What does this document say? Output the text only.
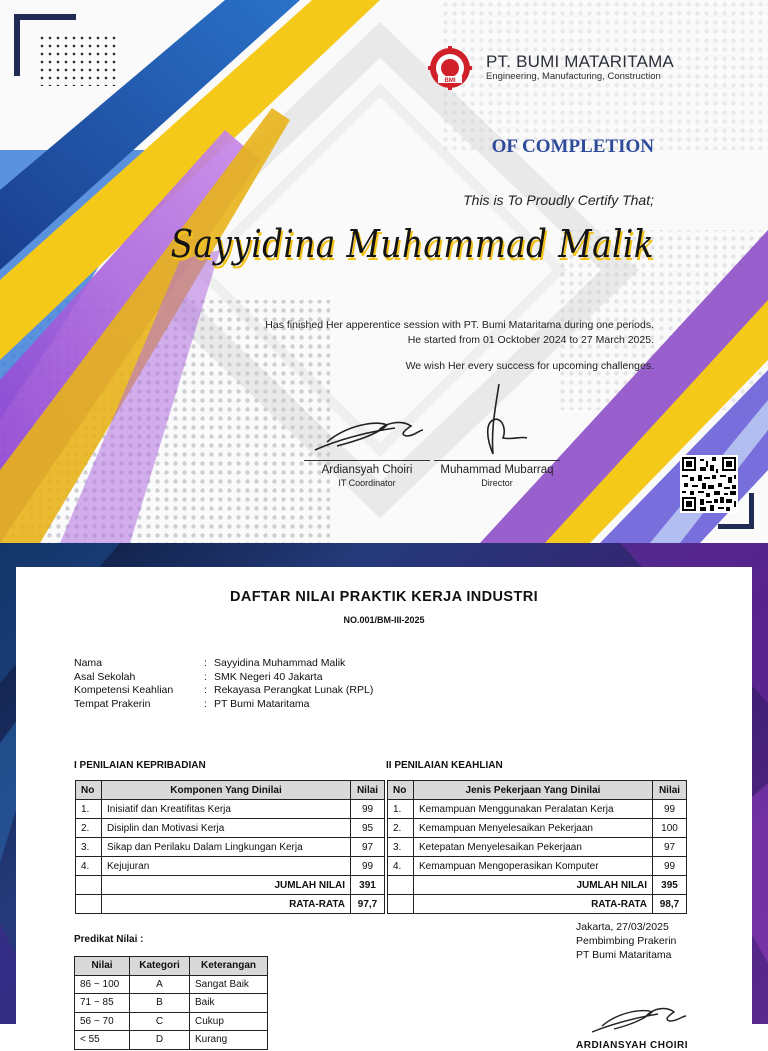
BMI
PT. BUMI MATARITAMA
Engineering, Manufacturing, Construction
OF COMPLETION
This is To Proudly Certify That;
Sayyidina Muhammad Malik
Has finished Her apperentice session with PT. Bumi Mataritama during one periods.
He started from 01 Ocktober 2024 to 27 March 2025.
We wish Her every success for upcoming challenges.
Ardiansyah Choiri
IT Coordinator
Muhammad Mubarraq
Director
DAFTAR NILAI PRAKTIK KERJA INDUSTRI
NO.001/BM-III-2025
Nama	: Sayyidina Muhammad Malik
Asal Sekolah	: SMK Negeri 40 Jakarta
Kompetensi Keahlian	: Rekayasa Perangkat Lunak (RPL)
Tempat Prakerin	: PT Bumi Mataritama
I PENILAIAN KEPRIBADIAN
No	Komponen Yang Dinilai	Nilai
1.	Inisiatif dan Kreatifitas Kerja	99
2.	Disiplin dan Motivasi Kerja	95
3.	Sikap dan Perilaku Dalam Lingkungan Kerja	97
4.	Kejujuran	99
	JUMLAH NILAI	391
	RATA-RATA	97,7
II PENILAIAN KEAHLIAN
No	Jenis Pekerjaan Yang Dinilai	Nilai
1.	Kemampuan Menggunakan Peralatan Kerja	99
2.	Kemampuan Menyelesaikan Pekerjaan	100
3.	Ketepatan Menyelesaikan Pekerjaan	97
4.	Kemampuan Mengoperasikan Komputer	99
	JUMLAH NILAI	395
	RATA-RATA	98,7
Predikat Nilai :
Nilai	Kategori	Keterangan
86 ~ 100	A	Sangat Baik
71 ~ 85	B	Baik
56 ~ 70	C	Cukup
< 55	D	Kurang
Jakarta, 27/03/2025
Pembimbing Prakerin
PT Bumi Mataritama
ARDIANSYAH CHOIRI
